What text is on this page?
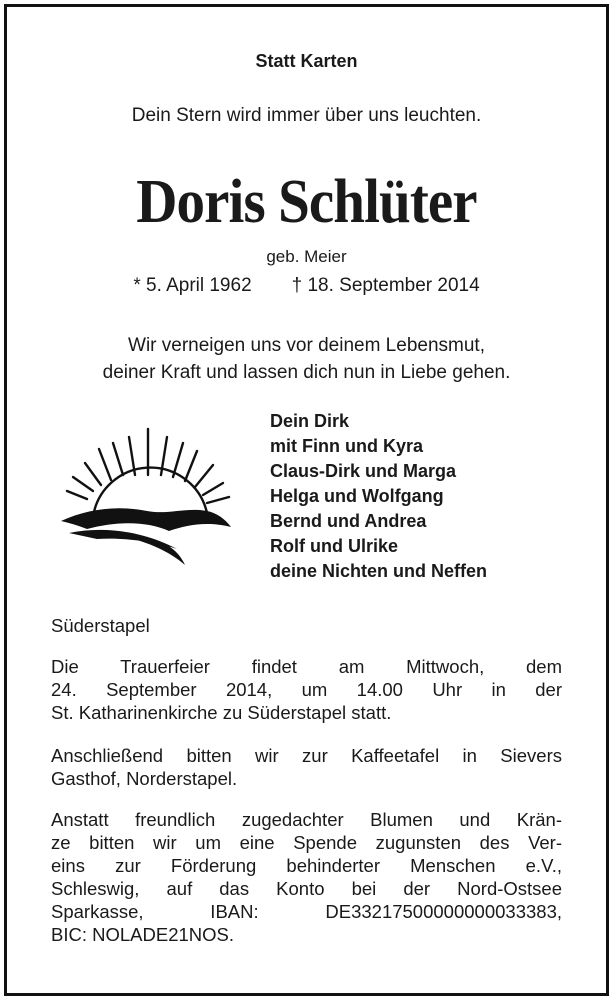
Statt Karten
Dein Stern wird immer über uns leuchten.
Doris Schlüter
geb. Meier
* 5. April 1962 † 18. September 2014
Wir verneigen uns vor deinem Lebensmut,
deiner Kraft und lassen dich nun in Liebe gehen.
Dein Dirk
mit Finn und Kyra
Claus-Dirk und Marga
Helga und Wolfgang
Bernd und Andrea
Rolf und Ulrike
deine Nichten und Neffen
Süderstapel
Die Trauerfeier findet am Mittwoch, dem
24. September 2014, um 14.00 Uhr in der
St. Katharinenkirche zu Süderstapel statt.
Anschließend bitten wir zur Kaffeetafel in Sievers
Gasthof, Norderstapel.
Anstatt freundlich zugedachter Blumen und Krän-
ze bitten wir um eine Spende zugunsten des Ver-
eins zur Förderung behinderter Menschen e.V.,
Schleswig, auf das Konto bei der Nord-Ostsee
Sparkasse, IBAN: DE33217500000000033383,
BIC: NOLADE21NOS.
